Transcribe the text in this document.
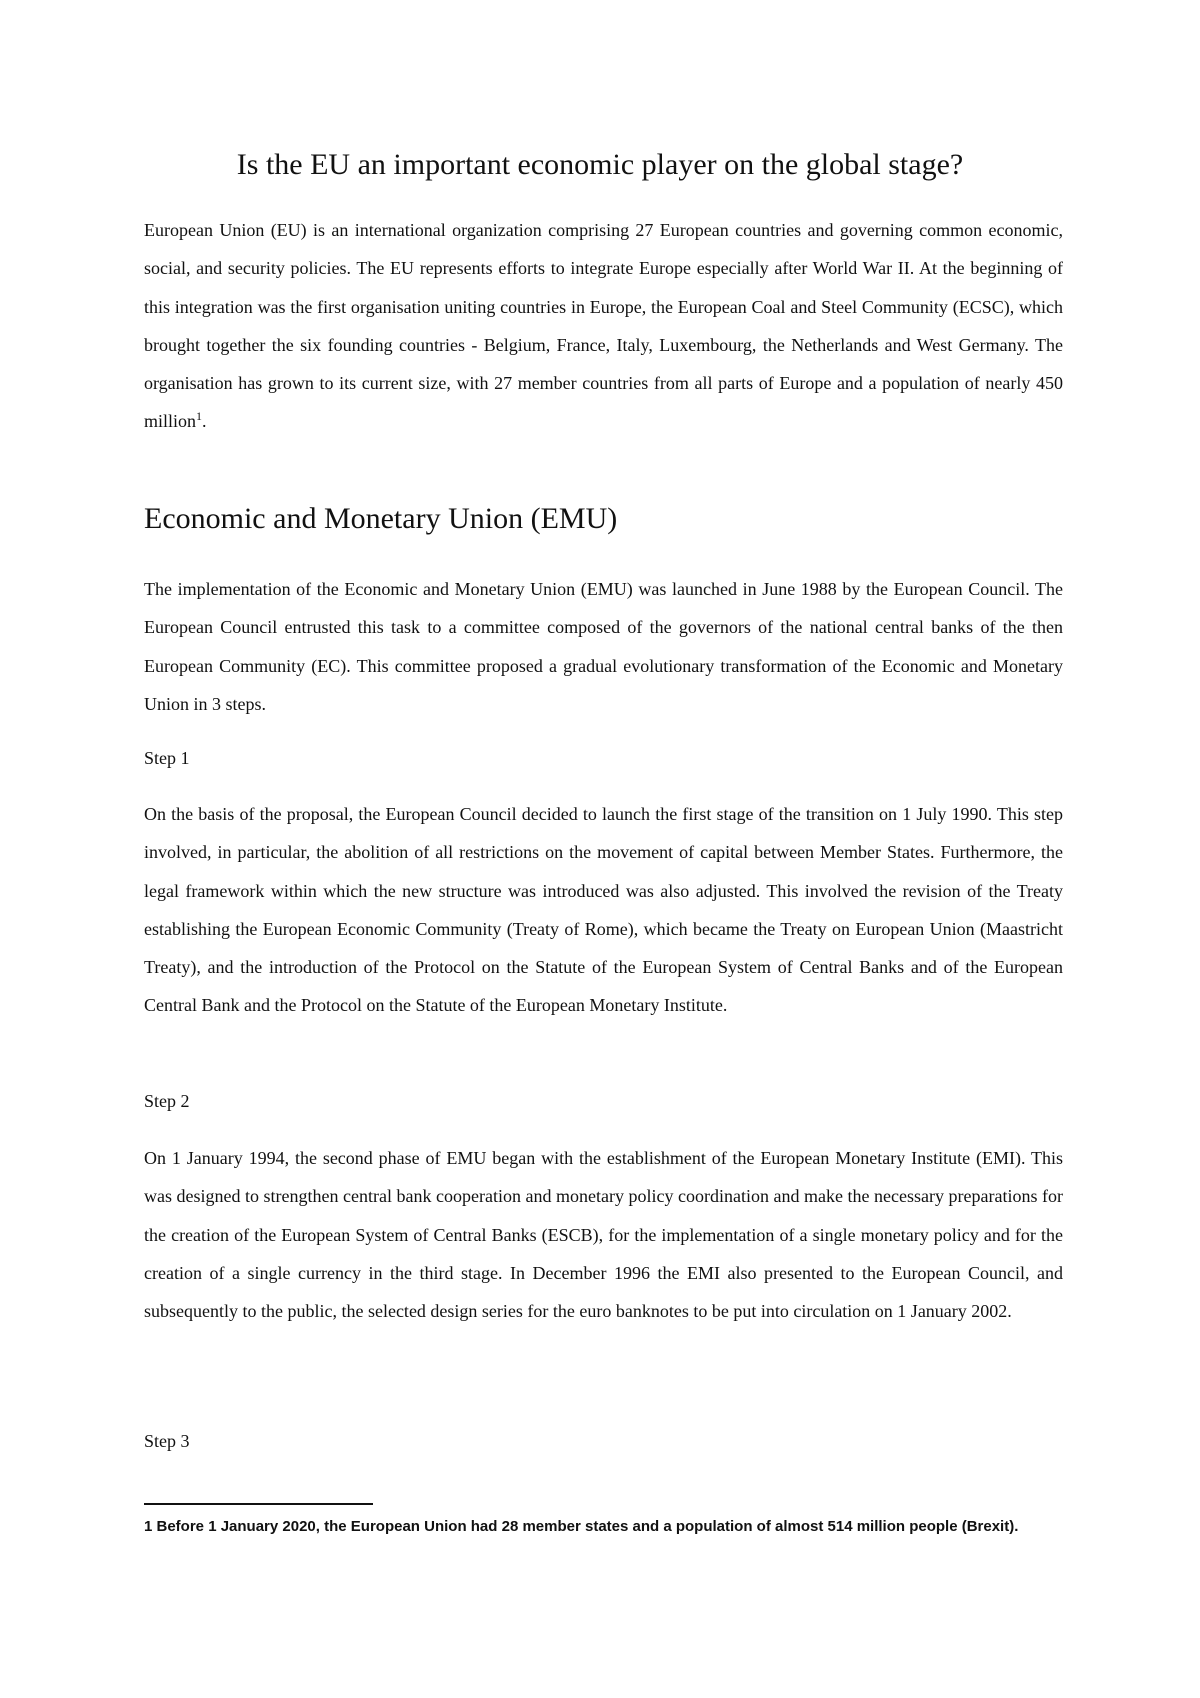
Is the EU an important economic player on the global stage?

European Union (EU) is an international organization comprising 27 European countries and governing common economic, social, and security policies. The EU represents efforts to integrate Europe especially after World War II. At the beginning of this integration was the first organisation uniting countries in Europe, the European Coal and Steel Community (ECSC), which brought together the six founding countries - Belgium, France, Italy, Luxembourg, the Netherlands and West Germany. The organisation has grown to its current size, with 27 member countries from all parts of Europe and a population of nearly 450 million$^1$.

Economic and Monetary Union (EMU)

The implementation of the Economic and Monetary Union (EMU) was launched in June 1988 by the European Council. The European Council entrusted this task to a committee composed of the governors of the national central banks of the then European Community (EC). This committee proposed a gradual evolutionary transformation of the Economic and Monetary Union in 3 steps.

Step 1

On the basis of the proposal, the European Council decided to launch the first stage of the transition on 1 July 1990. This step involved, in particular, the abolition of all restrictions on the movement of capital between Member States. Furthermore, the legal framework within which the new structure was introduced was also adjusted. This involved the revision of the Treaty establishing the European Economic Community (Treaty of Rome), which became the Treaty on European Union (Maastricht Treaty), and the introduction of the Protocol on the Statute of the European System of Central Banks and of the European Central Bank and the Protocol on the Statute of the European Monetary Institute.

Step 2

On 1 January 1994, the second phase of EMU began with the establishment of the European Monetary Institute (EMI). This was designed to strengthen central bank cooperation and monetary policy coordination and make the necessary preparations for the creation of the European System of Central Banks (ESCB), for the implementation of a single monetary policy and for the creation of a single currency in the third stage. In December 1996 the EMI also presented to the European Council, and subsequently to the public, the selected design series for the euro banknotes to be put into circulation on 1 January 2002.

Step 3

1 Before 1 January 2020, the European Union had 28 member states and a population of almost 514 million people (Brexit).
